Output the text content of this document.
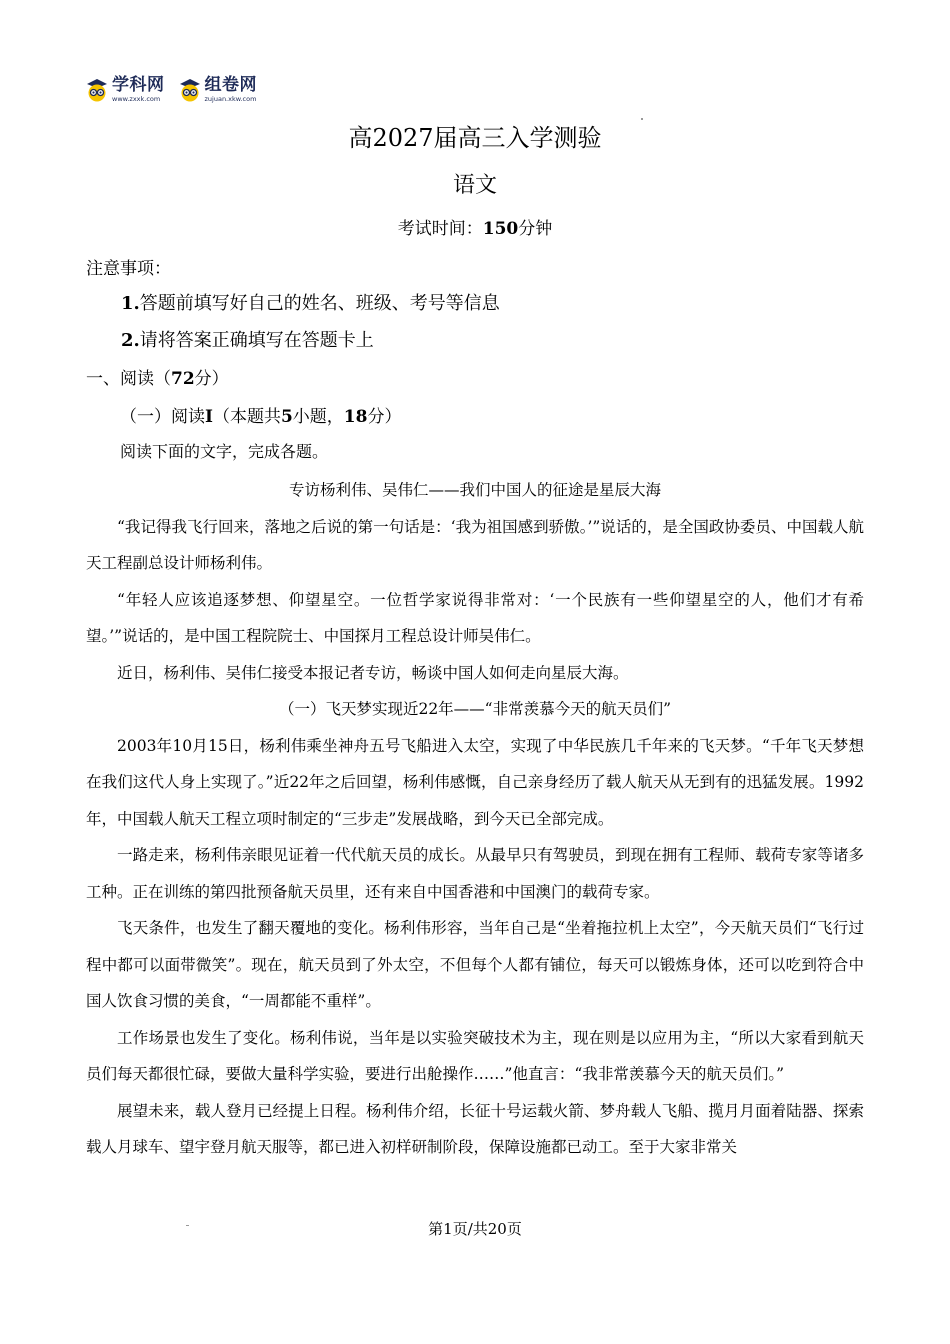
学科网
www.zxxk.com
组卷网
zujuan.xkw.com
高2027届高三入学测验
语文
考试时间：150分钟
注意事项：
1.答题前填写好自己的姓名、班级、考号等信息
2.请将答案正确填写在答题卡上
一、阅读（72分）
（一）阅读I（本题共5小题，18分）
阅读下面的文字，完成各题。

专访杨利伟、吴伟仁——我们中国人的征途是星辰大海

“我记得我飞行回来，落地之后说的第一句话是：‘我为祖国感到骄傲。’”说话的，是全国政协委员、中国载人航天工程副总设计师杨利伟。

“年轻人应该追逐梦想、仰望星空。一位哲学家说得非常对：‘一个民族有一些仰望星空的人，他们才有希望。’”说话的，是中国工程院院士、中国探月工程总设计师吴伟仁。

近日，杨利伟、吴伟仁接受本报记者专访，畅谈中国人如何走向星辰大海。

（一）飞天梦实现近22年——“非常羡慕今天的航天员们”

2003年10月15日，杨利伟乘坐神舟五号飞船进入太空，实现了中华民族几千年来的飞天梦。“千年飞天梦想在我们这代人身上实现了。”近22年之后回望，杨利伟感慨，自己亲身经历了载人航天从无到有的迅猛发展。1992年，中国载人航天工程立项时制定的“三步走”发展战略，到今天已全部完成。

一路走来，杨利伟亲眼见证着一代代航天员的成长。从最早只有驾驶员，到现在拥有工程师、载荷专家等诸多工种。正在训练的第四批预备航天员里，还有来自中国香港和中国澳门的载荷专家。

飞天条件，也发生了翻天覆地的变化。杨利伟形容，当年自己是“坐着拖拉机上太空”，今天航天员们“飞行过程中都可以面带微笑”。现在，航天员到了外太空，不但每个人都有铺位，每天可以锻炼身体，还可以吃到符合中国人饮食习惯的美食，“一周都能不重样”。

工作场景也发生了变化。杨利伟说，当年是以实验突破技术为主，现在则是以应用为主，“所以大家看到航天员们每天都很忙碌，要做大量科学实验，要进行出舱操作……”他直言：“我非常羡慕今天的航天员们。”

展望未来，载人登月已经提上日程。杨利伟介绍，长征十号运载火箭、梦舟载人飞船、揽月月面着陆器、探索载人月球车、望宇登月航天服等，都已进入初样研制阶段，保障设施都已动工。至于大家非常关

第1页/共20页
